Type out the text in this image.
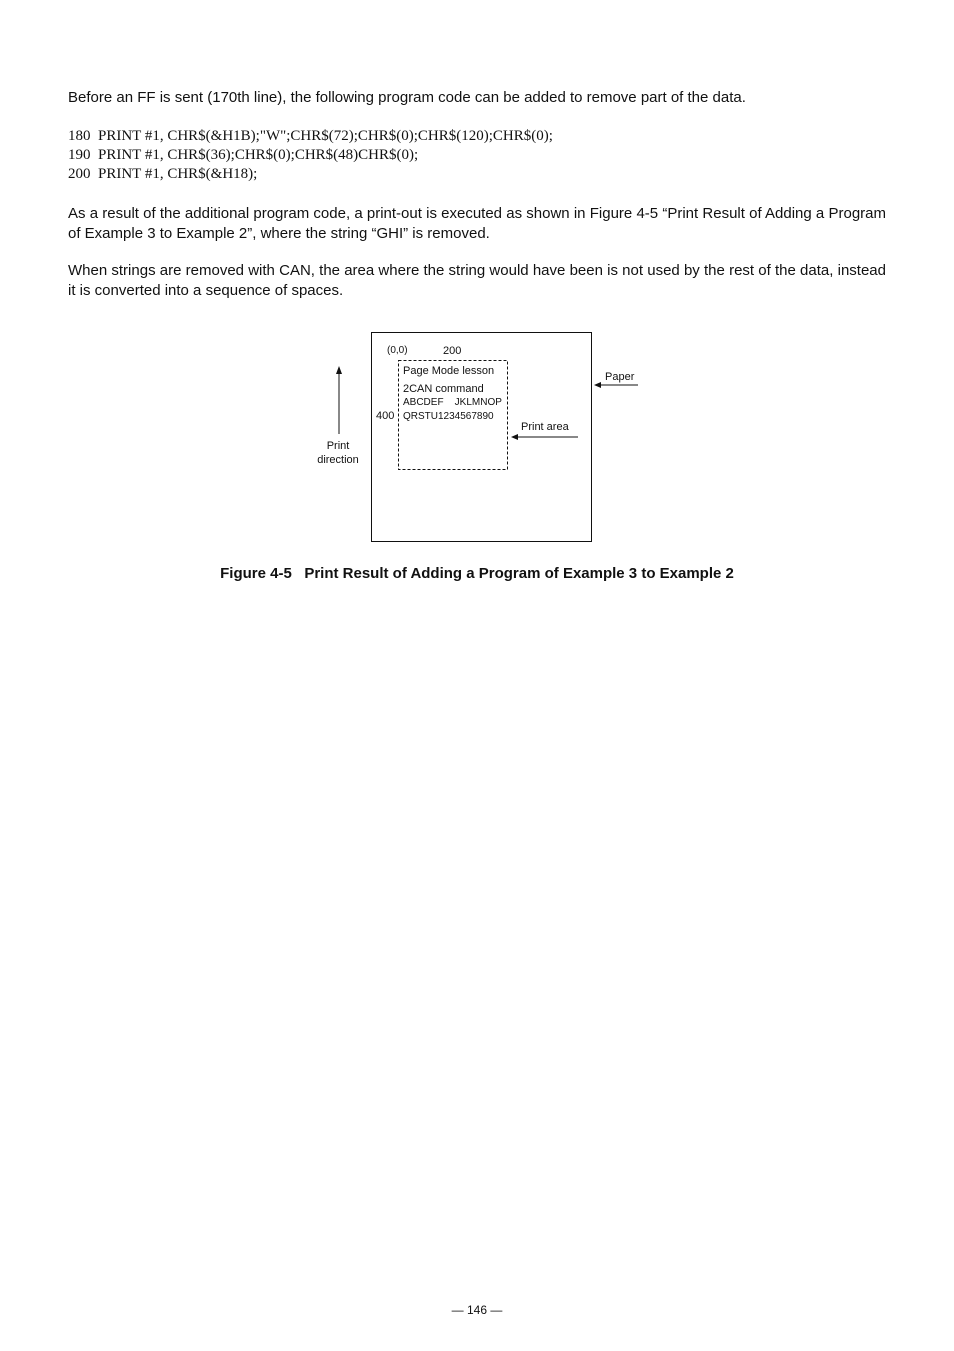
Before an FF is sent (170th line), the following program code can be added to remove part of the data.
180  PRINT #1, CHR$(&H1B);"W";CHR$(72);CHR$(0);CHR$(120);CHR$(0);
190  PRINT #1, CHR$(36);CHR$(0);CHR$(48)CHR$(0);
200  PRINT #1, CHR$(&H18);
As a result of the additional program code, a print-out is executed as shown in Figure 4-5 “Print Result of Adding a Program of Example 3 to Example 2”, where the string “GHI” is removed.
When strings are removed with CAN, the area where the string would have been is not used by the rest of the data, instead it is converted into a sequence of spaces.
(0,0)	200
400
Page Mode lesson
2CAN command
ABCDEF    JKLMNOP
QRSTU1234567890
Paper
Print area
Print
direction
Figure 4-5   Print Result of Adding a Program of Example 3 to Example 2
— 146 —
